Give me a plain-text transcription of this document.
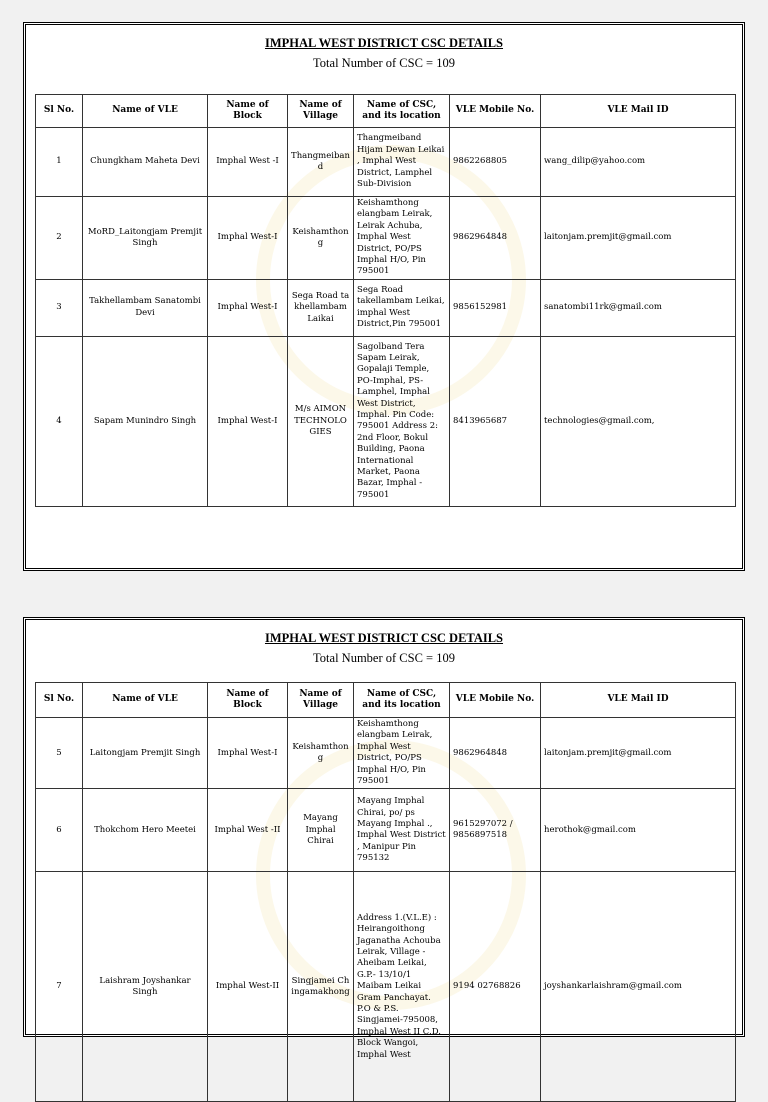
IMPHAL WEST DISTRICT CSC DETAILS
Total Number of CSC = 109
Sl No.	Name of VLE	Name of Block	Name of Village	Name of CSC, and its location	VLE Mobile No.	VLE Mail ID
1	Chungkham Maheta Devi	Imphal West -I	Thangmeiband	Thangmeiband Hijam Dewan Leikai , Imphal West District, Lamphel Sub-Division	9862268805	wang_dilip@yahoo.com
2	MoRD_Laitongjam Premjit Singh	Imphal West-I	Keishamthong	Keishamthong elangbam Leirak, Leirak Achuba, Imphal West District, PO/PS Imphal H/O, Pin 795001	9862964848	laitonjam.premjit@gmail.com
3	Takhellambam Sanatombi Devi	Imphal West-I	Sega Road takhellambam Laikai	Sega Road takellambam Leikai, imphal West District,Pin 795001	9856152981	sanatombi11rk@gmail.com
4	Sapam Munindro Singh	Imphal West-I	M/s AIMON TECHNOLOGIES	Sagolband Tera Sapam Leirak, Gopalaji Temple, PO-Imphal, PS-Lamphel, Imphal West District, Imphal. Pin Code: 795001 Address 2: 2nd Floor, Bokul Building, Paona International Market, Paona Bazar, Imphal - 795001	8413965687	technologies@gmail.com,
IMPHAL WEST DISTRICT CSC DETAILS
Total Number of CSC = 109
Sl No.	Name of VLE	Name of Block	Name of Village	Name of CSC, and its location	VLE Mobile No.	VLE Mail ID
5	Laitongjam Premjit Singh	Imphal West-I	Keishamthong	Keishamthong elangbam Leirak, Imphal West District, PO/PS Imphal H/O, Pin 795001	9862964848	laitonjam.premjit@gmail.com
6	Thokchom Hero Meetei	Imphal West -II	Mayang Imphal Chirai	Mayang Imphal Chirai, po/ ps Mayang Imphal ., Imphal West District , Manipur Pin 795132	9615297072 / 9856897518	herothok@gmail.com
7	Laishram Joyshankar Singh	Imphal West-II	Singjamei Chingamakhong	Address 1.(V.L.E) : Heirangoithong Jaganatha Achouba Leirak, Village - Aheibam Leikai, G.P.- 13/10/1 Maibam Leikai Gram Panchayat. P.O & P.S. Singjamei-795008, Imphal West II C.D. Block Wangoi, Imphal West	9194 02768826	joyshankarlaishram@gmail.com
